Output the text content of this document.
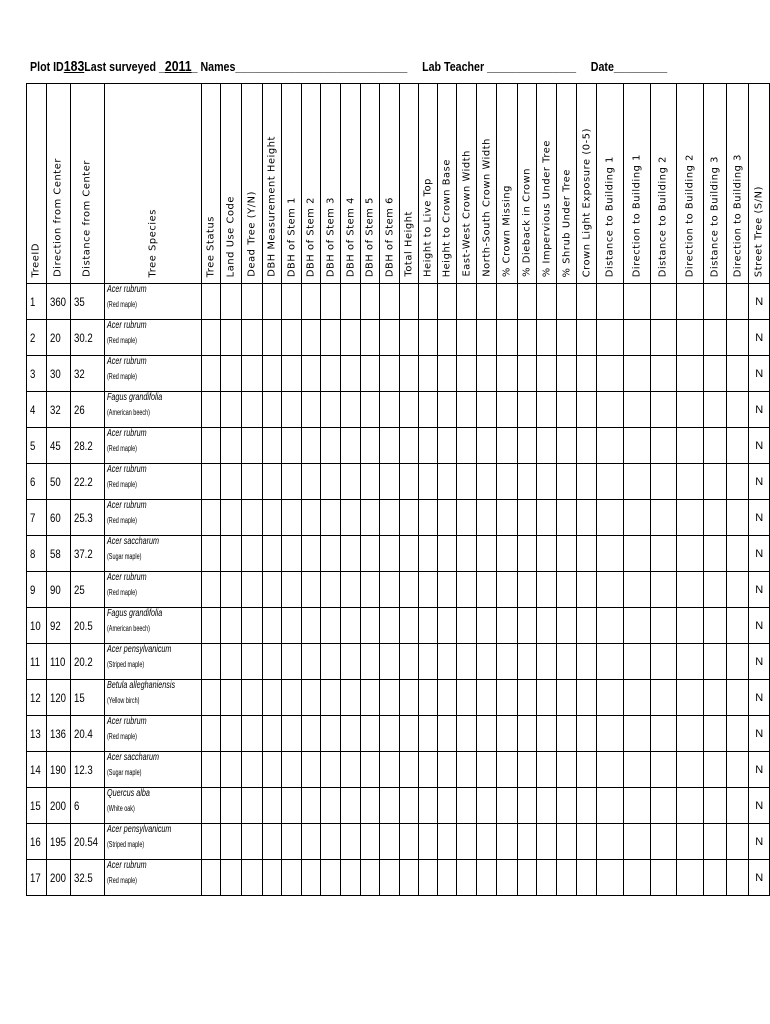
Plot ID183Last surveyed _2011_ Names_____________________________ Lab Teacher _______________ Date_________
TreeID	Direction from Center	Distance from Center	Tree Species	Tree Status	Land Use Code	Dead Tree (Y/N)	DBH Measurement Height	DBH of Stem 1	DBH of Stem 2	DBH of Stem 3	DBH of Stem 4	DBH of Stem 5	DBH of Stem 6	Total Height	Height to Live Top	Height to Crown Base	East-West Crown Width	North-South Crown Width	% Crown Missing	% Dieback in Crown	% Impervious Under Tree	% Shrub Under Tree	Crown Light Exposure (0-5)	Distance to Building 1	Direction to Building 1	Distance to Building 2	Direction to Building 2	Distance to Building 3	Direction to Building 3	Street Tree (S/N)

1	360	35	Acer rubrum
(Red maple)																											N
2	20	30.2	Acer rubrum
(Red maple)																											N
3	30	32	Acer rubrum
(Red maple)																											N
4	32	26	Fagus grandifolia
(American beech)																											N
5	45	28.2	Acer rubrum
(Red maple)																											N
6	50	22.2	Acer rubrum
(Red maple)																											N
7	60	25.3	Acer rubrum
(Red maple)																											N
8	58	37.2	Acer saccharum
(Sugar maple)																											N
9	90	25	Acer rubrum
(Red maple)																											N
10	92	20.5	Fagus grandifolia
(American beech)																											N
11	110	20.2	Acer pensylvanicum
(Striped maple)																											N
12	120	15	Betula alleghaniensis
(Yellow birch)																											N
13	136	20.4	Acer rubrum
(Red maple)																											N
14	190	12.3	Acer saccharum
(Sugar maple)																											N
15	200	6	Quercus alba
(White oak)																											N
16	195	20.54	Acer pensylvanicum
(Striped maple)																											N
17	200	32.5	Acer rubrum
(Red maple)																											N
